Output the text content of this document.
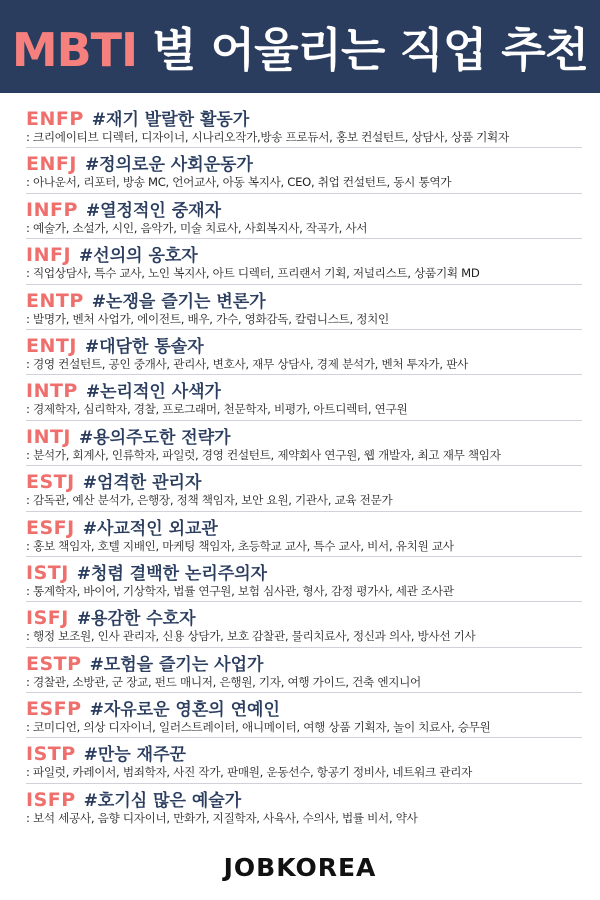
MBTI 별 어울리는 직업 추천
ENFP #재기 발랄한 활동가
: 크리에이티브 디렉터, 디자이너, 시나리오작가,방송 프로듀서, 홍보 컨설턴트, 상담사, 상품 기획자
ENFJ #정의로운 사회운동가
: 아나운서, 리포터, 방송 MC, 언어교사, 아동 복지사, CEO, 취업 컨설턴트, 동시 통역가
INFP #열정적인 중재자
: 예술가, 소설가, 시인, 음악가, 미술 치료사, 사회복지사, 작곡가, 사서
INFJ #선의의 옹호자
: 직업상담사, 특수 교사, 노인 복지사, 아트 디렉터, 프리랜서 기획, 저널리스트, 상품기획 MD
ENTP #논쟁을 즐기는 변론가
: 발명가, 벤처 사업가, 에이전트, 배우, 가수, 영화감독, 칼럼니스트, 정치인
ENTJ #대담한 통솔자
: 경영 컨설턴트, 공인 중개사, 관리사, 변호사, 재무 상담사, 경제 분석가, 벤처 투자가, 판사
INTP #논리적인 사색가
: 경제학자, 심리학자, 경찰, 프로그래머, 천문학자, 비평가, 아트디렉터, 연구원
INTJ #용의주도한 전략가
: 분석가, 회계사, 인류학자, 파일럿, 경영 컨설턴트, 제약회사 연구원, 웹 개발자, 최고 재무 책임자
ESTJ #엄격한 관리자
: 감독관, 예산 분석가, 은행장, 정책 책임자, 보안 요원, 기관사, 교육 전문가
ESFJ #사교적인 외교관
: 홍보 책임자, 호텔 지배인, 마케팅 책임자, 초등학교 교사, 특수 교사, 비서, 유치원 교사
ISTJ #청렴 결백한 논리주의자
: 통계학자, 바이어, 기상학자, 법률 연구원, 보험 심사관, 형사, 감정 평가사, 세관 조사관
ISFJ #용감한 수호자
: 행정 보조원, 인사 관리자, 신용 상담가, 보호 감찰관, 물리치료사, 정신과 의사, 방사선 기사
ESTP #모험을 즐기는 사업가
: 경찰관, 소방관, 군 장교, 펀드 매니저, 은행원, 기자, 여행 가이드, 건축 엔지니어
ESFP #자유로운 영혼의 연예인
: 코미디언, 의상 디자이너, 일러스트레이터, 애니메이터, 여행 상품 기획자, 놀이 치료사, 승무원
ISTP #만능 재주꾼
: 파일럿, 카레이서, 범죄학자, 사진 작가, 판매원, 운동선수, 항공기 정비사, 네트워크 관리자
ISFP #호기심 많은 예술가
: 보석 세공사, 음향 디자이너, 만화가, 지질학자, 사육사, 수의사, 법률 비서, 약사
JOBKOREA
